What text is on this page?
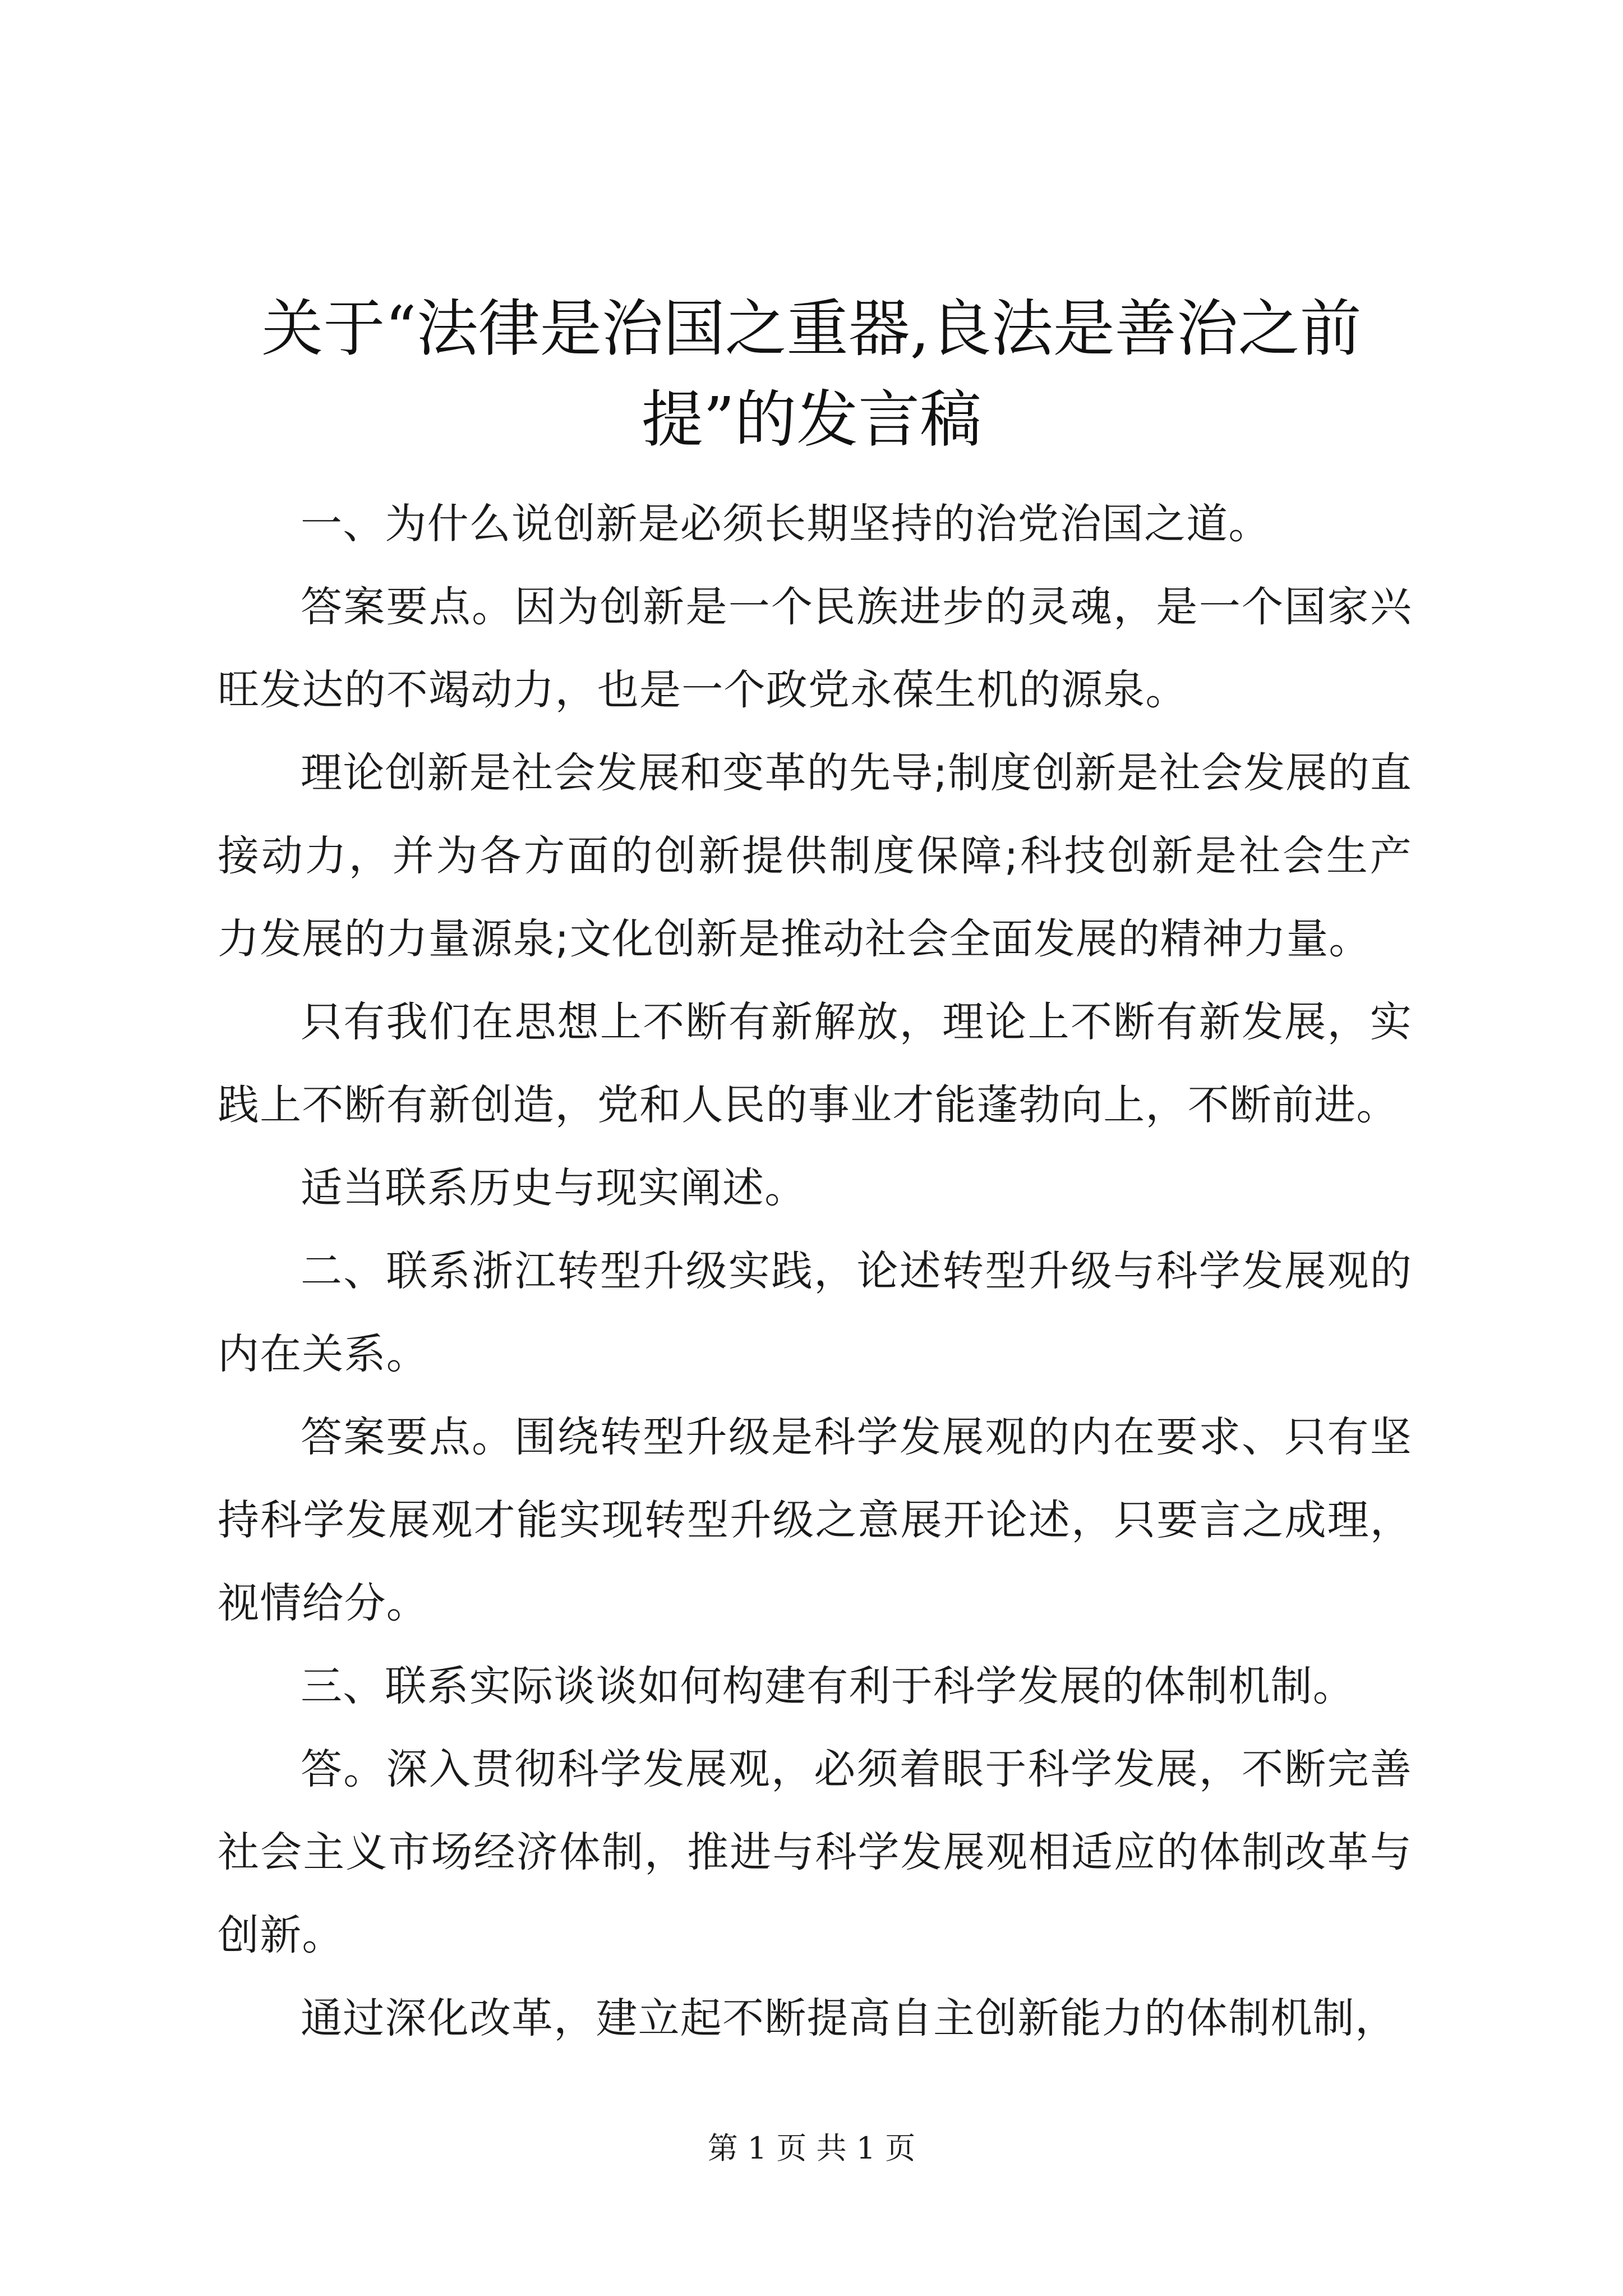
关于“法律是治国之重器,良法是善治之前
提”的发言稿

一、为什么说创新是必须长期坚持的治党治国之道。

答案要点。因为创新是一个民族进步的灵魂，是一个国家兴旺发达的不竭动力，也是一个政党永葆生机的源泉。

理论创新是社会发展和变革的先导;制度创新是社会发展的直接动力，并为各方面的创新提供制度保障;科技创新是社会生产力发展的力量源泉;文化创新是推动社会全面发展的精神力量。

只有我们在思想上不断有新解放，理论上不断有新发展，实践上不断有新创造，党和人民的事业才能蓬勃向上，不断前进。

适当联系历史与现实阐述。

二、联系浙江转型升级实践，论述转型升级与科学发展观的内在关系。

答案要点。围绕转型升级是科学发展观的内在要求、只有坚持科学发展观才能实现转型升级之意展开论述，只要言之成理，视情给分。

三、联系实际谈谈如何构建有利于科学发展的体制机制。

答。深入贯彻科学发展观，必须着眼于科学发展，不断完善社会主义市场经济体制，推进与科学发展观相适应的体制改革与创新。

通过深化改革，建立起不断提高自主创新能力的体制机制，

第 1 页 共 1 页
